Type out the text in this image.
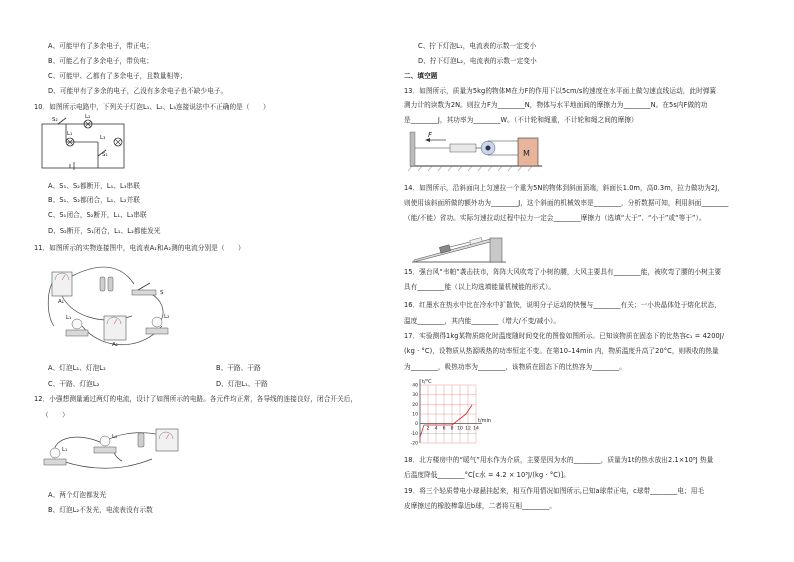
A、可能甲有了多余电子，带正电；
B、可能乙有了多余电子，带负电；
C、可能甲、乙都有了多余电子，且数量相等；
D、可能甲有了多余的电子，乙没有多余电子也不缺少电子。
10．如图所示电路中，下列关于灯泡L₁、L₂、L₃连接说法中不正确的是（　　）
S₂	L₂
L₁
L₃
S₁
A、S₁、S₂都断开，L₁、L₃串联
B、S₁、S₂都闭合，L₁、L₂并联
C、S₁闭合，S₂断开，L₁、L₃串联
D、S₂断开，S₁闭合，L₁、L₂都能发光
11．如图所示的实物连接图中，电流表A₁和A₂测的电流分别是（　　）
A₁
A₂
S
L₁	L₂
A、灯泡L₁、灯泡L₂	B、干路、干路
C、干路、灯泡L₂	D、灯泡L₁、干路
12．小强想测量通过两灯的电流，设计了如图所示的电路。各元件均正常，各导线的连接良好，闭合开关后，
（　　）
L₁
L₂
A、两个灯泡都发光
B、灯泡L₂不发光，电流表没有示数
C、拧下灯泡L₁，电流表的示数一定变小
D、拧下灯泡L₂，电流表的示数一定变小
二、填空题
13．如图所示，质量为5kg的物体M在力F的作用下以5cm/s的速度在水平面上做匀速直线运动，此时弹簧
测力计的读数为2N。则拉力F为________N，物体与水平地面间的摩擦力为________N。在5s内F做的功
是________J，其功率为________W。（不计轮和绳重，不计轮和绳之间的摩擦）
F
M
14．如图所示，沿斜面向上匀速拉一个重为5N的物体到斜面顶端，斜面长1.0m，高0.3m，拉力做功为2J，
则使用该斜面所做的额外功为________J，这个斜面的机械效率是________，分析数据可知，利用斜面________
（能/不能）省功。实际匀速拉动过程中拉力一定会________摩擦力（选填“大于”、“小于”或“等于”）。
15．强台风“韦帕”袭击扶市，阵阵大风吹弯了小树的腰，大风主要具有________能，被吹弯了腰的小树主要
具有________能（以上均选填能量机械能的形式）。
16．红墨水在热水中比在冷水中扩散快，说明分子运动的快慢与________有关；一小块晶体处于熔化状态，
温度________，其内能________（增大/不变/减小）。
17．实验测得1kg某物质熔化时温度随时间变化的图像如图所示。已知该物质在固态下的比热容c₁ = 4200J/
(kg · °C)，设物质从热源吸热的功率恒定不变。在第10–14min 内，物质温度升高了20°C，则吸收的热量
为________，吸热功率为________，该物质在固态下的比热容为________。
40
30
20
10
0
-10
-20
2 4 6 8 10 12 14
t/°C
t/min
18．北方楼房中的“暖气”用水作为介质，主要是因为水的________，质量为1t的热水放出2.1×10⁸J 热量
后温度降低________°C[c水 = 4.2 × 10³J/(kg · °C)]。
19．将三个轻质带电小球悬挂起来，相互作用情况如图所示,已知a球带正电，c球带________电；用毛
皮摩擦过的橡胶棒靠近b球，二者将互相________。
